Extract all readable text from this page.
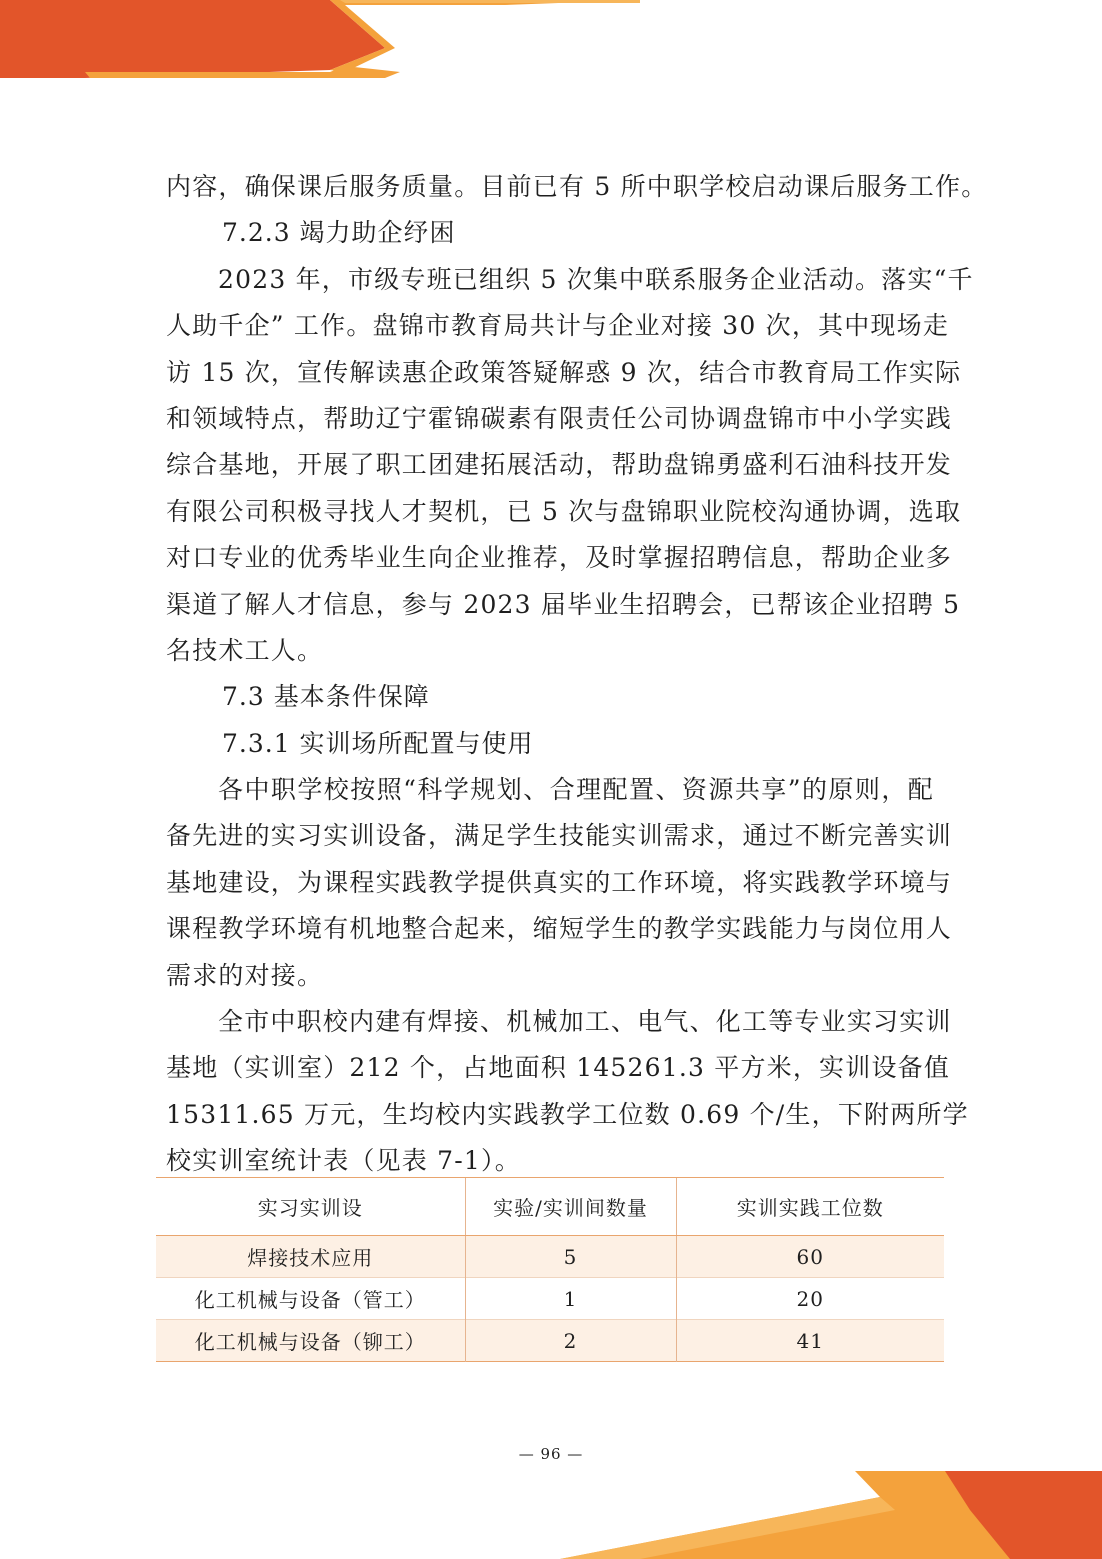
内容，确保课后服务质量。目前已有 5 所中职学校启动课后服务工作。
7.2.3 竭力助企纾困
2023 年，市级专班已组织 5 次集中联系服务企业活动。落实“千
人助千企” 工作。盘锦市教育局共计与企业对接 30 次，其中现场走
访 15 次，宣传解读惠企政策答疑解惑 9 次，结合市教育局工作实际
和领域特点，帮助辽宁霍锦碳素有限责任公司协调盘锦市中小学实践
综合基地，开展了职工团建拓展活动，帮助盘锦勇盛利石油科技开发
有限公司积极寻找人才契机，已 5 次与盘锦职业院校沟通协调，选取
对口专业的优秀毕业生向企业推荐，及时掌握招聘信息，帮助企业多
渠道了解人才信息，参与 2023 届毕业生招聘会，已帮该企业招聘 5
名技术工人。
7.3 基本条件保障
7.3.1 实训场所配置与使用
各中职学校按照“科学规划、合理配置、资源共享”的原则，配
备先进的实习实训设备，满足学生技能实训需求，通过不断完善实训
基地建设，为课程实践教学提供真实的工作环境，将实践教学环境与
课程教学环境有机地整合起来，缩短学生的教学实践能力与岗位用人
需求的对接。
全市中职校内建有焊接、机械加工、电气、化工等专业实习实训
基地（实训室）212 个，占地面积 145261.3 平方米，实训设备值
15311.65 万元，生均校内实践教学工位数 0.69 个/生，下附两所学
校实训室统计表（见表 7-1）。
实习实训设	实验/实训间数量	实训实践工位数
焊接技术应用	5	60
化工机械与设备（管工）	1	20
化工机械与设备（铆工）	2	41
— 96 —
